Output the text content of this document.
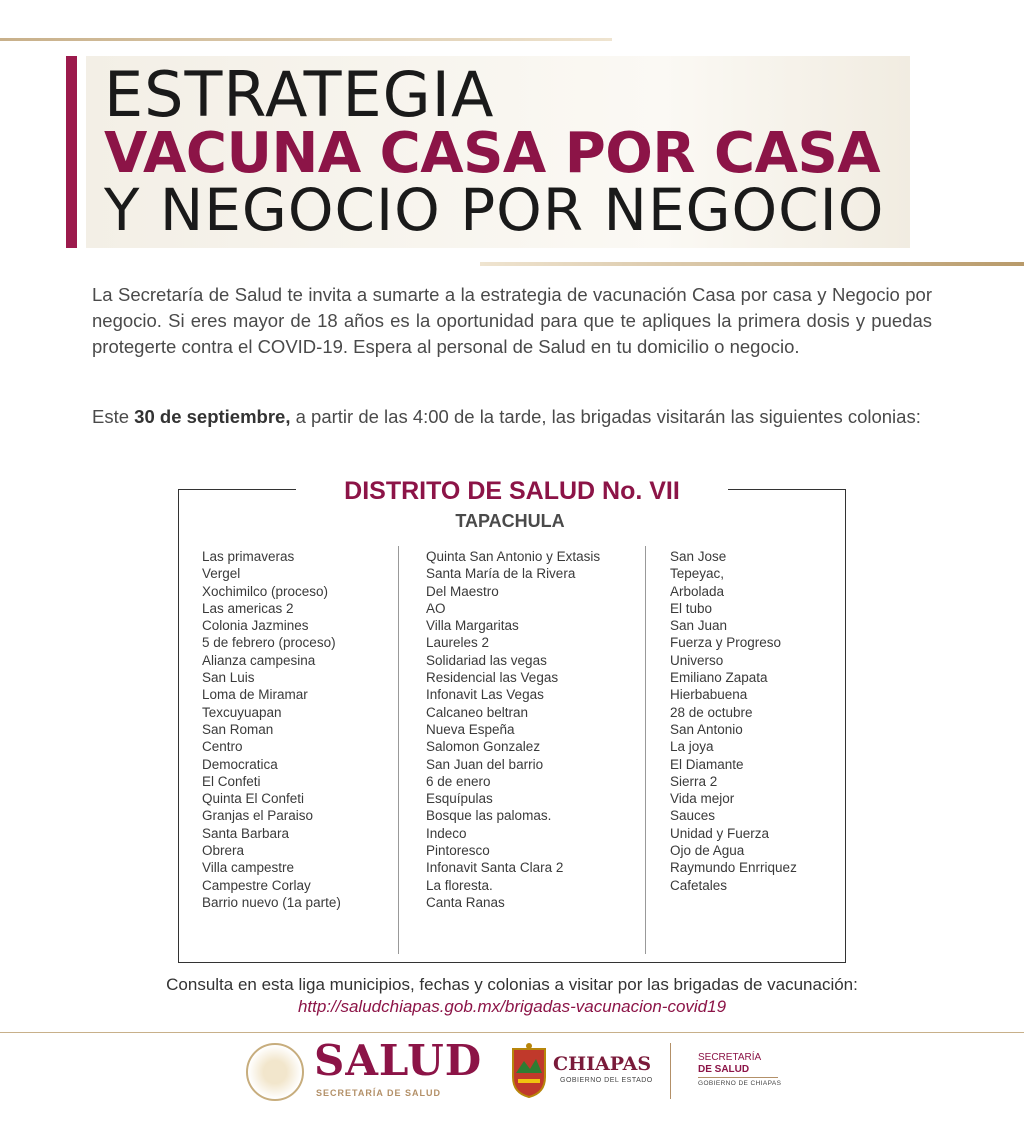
ESTRATEGIA
VACUNA CASA POR CASA
Y NEGOCIO POR NEGOCIO

La Secretaría de Salud te invita a sumarte a la estrategia de vacunación Casa por casa y Negocio por negocio. Si eres mayor de 18 años es la oportunidad para que te apliques la primera dosis y puedas protegerte contra el COVID-19. Espera al personal de Salud en tu domicilio o negocio.

Este 30 de septiembre, a partir de las 4:00 de la tarde, las brigadas visitarán las siguientes colonias:

DISTRITO DE SALUD No. VII
TAPACHULA
Las primaveras
Vergel
Xochimilco (proceso)
Las americas 2
Colonia Jazmines
5 de febrero (proceso)
Alianza campesina
San Luis
Loma de Miramar
Texcuyuapan
San Roman
Centro
Democratica
El Confeti
Quinta El Confeti
Granjas el Paraiso
Santa Barbara
Obrera
Villa campestre
Campestre Corlay
Barrio nuevo (1a parte)
Quinta San Antonio y Extasis
Santa María de la Rivera
Del Maestro
AO
Villa Margaritas
Laureles 2
Solidariad las vegas
Residencial las Vegas
Infonavit Las Vegas
Calcaneo beltran
Nueva Espeña
Salomon Gonzalez
San Juan del barrio
6 de enero
Esquípulas
Bosque las palomas.
Indeco
Pintoresco
Infonavit Santa Clara 2
La floresta.
Canta Ranas
San Jose
Tepeyac,
Arbolada
El tubo
San Juan
Fuerza y Progreso
Universo
Emiliano Zapata
Hierbabuena
28 de octubre
San Antonio
La joya
El Diamante
Sierra 2
Vida mejor
Sauces
Unidad y Fuerza
Ojo de Agua
Raymundo Enrriquez
Cafetales
Consulta en esta liga municipios, fechas y colonias a visitar por las brigadas de vacunación:
http://saludchiapas.gob.mx/brigadas-vacunacion-covid19
SALUD
SECRETARÍA DE SALUD
CHIAPAS
GOBIERNO DEL ESTADO
SECRETARÍA
DE SALUD
GOBIERNO DE CHIAPAS
